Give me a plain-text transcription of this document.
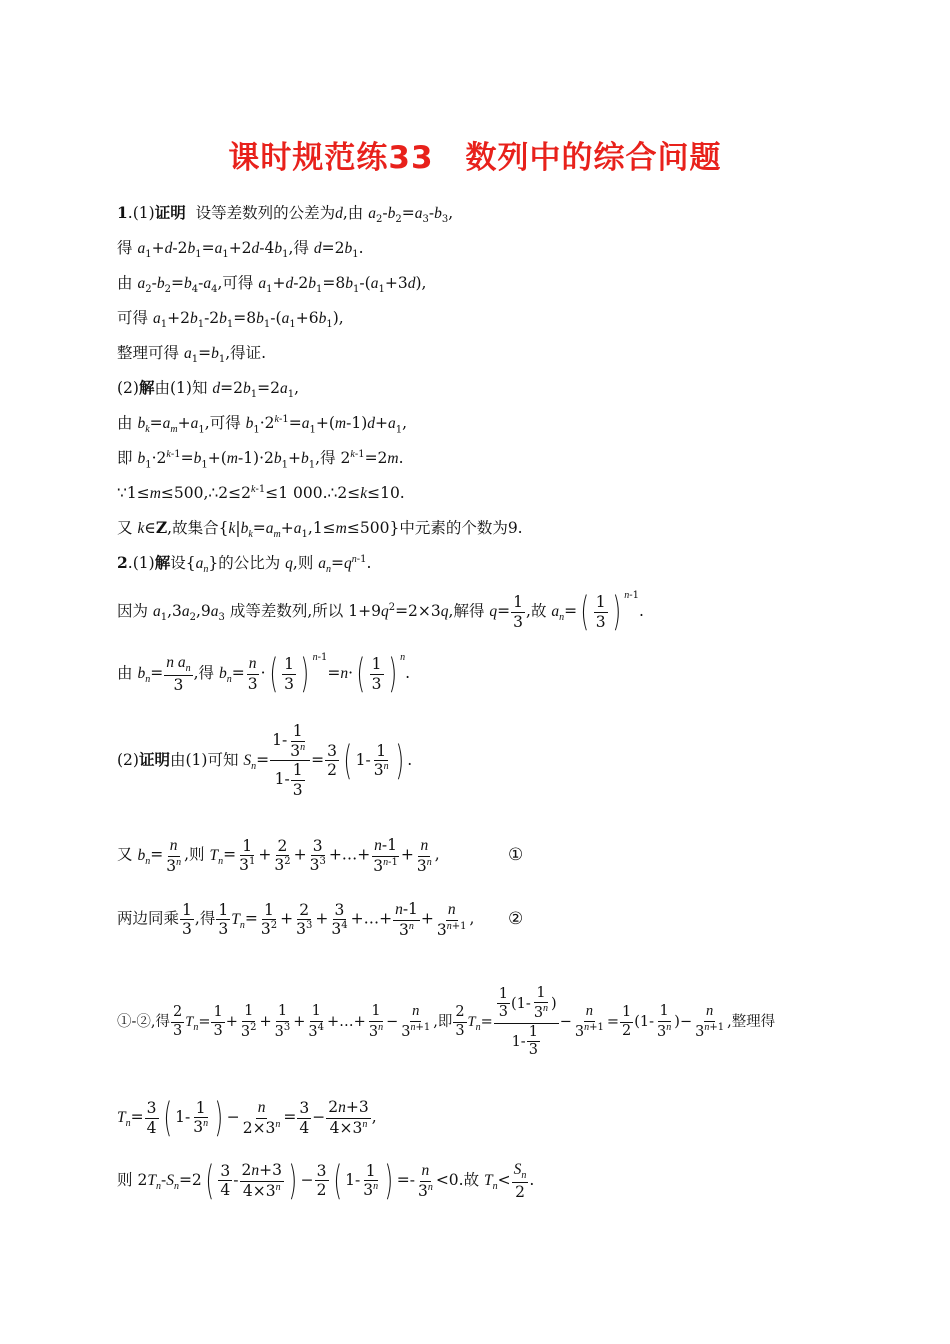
课时规范练33　数列中的综合问题
1.(1)证明 设等差数列的公差为d,由 $a_2-b_2=a_3-b_3$,
得 $a_1+d-2b_1=a_1+2d-4b_1$,得 $d=2b_1$.
由 $a_2-b_2=b_4-a_4$,可得 $a_1+d-2b_1=8b_1-(a_1+3d)$,
可得 $a_1+2b_1-2b_1=8b_1-(a_1+6b_1)$,
整理可得 $a_1=b_1$,得证.
(2)解由(1)知 $d=2b_1=2a_1$,
由 $b_k=a_m+a_1$,可得 $b_1\cdot 2^{k-1}=a_1+(m-1)d+a_1$,
即 $b_1\cdot 2^{k-1}=b_1+(m-1)\cdot 2b_1+b_1$,得 $2^{k-1}=2m$.
$\because 1\le m\le 500,\therefore 2\le 2^{k-1}\le 1$ 000.∴2≤k≤10.
又 k∈Z,故集合$\{k|b_k=a_m+a_1,1\le m\le 500\}$中元素的个数为9.
2.(1)解设$\{a_n\}$的公比为 q,则 $a_n=q^{n-1}$.
因为 $a_1,3a_2,9a_3$ 成等差数列,所以 $1+9q^2=2\times 3q$,解得 $q= \frac{1}{3}$ ,故 $a_n=( \frac{1}{3}$ ) $^{n-1}$.
由 $b_n= \frac{n a_n}{3}$ ,得 $b_n= \frac{n}{3}$ ·( $\frac{1}{3}$ ) $^{n-1}=n\cdot( \frac{1}{3}$ ) $^n$.
(2)证明由(1)可知 $S_n= \frac{1- \frac{1}{3^n}}{1- \frac{1}{3}} = \frac{3}{2}$ ( $1- \frac{1}{3^n}$ ) .
又 $b_n= \frac{n}{3^n}$ ,则 $T_n= \frac{1}{3^1} + \frac{2}{3^2} + \frac{3}{3^3}$ +…+ $\frac{n-1}{3^{n-1}} + \frac{n}{3^n}$ ,	①
两边同乘 $\frac{1}{3}$ ,得 $\frac{1}{3} T_n= \frac{1}{3^2} + \frac{2}{3^3} + \frac{3}{3^4}$ +…+ $\frac{n-1}{3^n} + \frac{n}{3^{n+1}}$ , ②
①-②,得 $\frac{2}{3} T_n= \frac{1}{3} + \frac{1}{3^2} + \frac{1}{3^3} + \frac{1}{3^4}$ +…+ $\frac{1}{3^n} - \frac{n}{3^{n+1}}$ ,即 $\frac{2}{3} T_n= \frac{\frac{1}{3} (1- \frac{1}{3^n} )}{1- \frac{1}{3}} - \frac{n}{3^{n+1}} = \frac{1}{2} (1- \frac{1}{3^n}$ )− $\frac{n}{3^{n+1}}$ ,整理得
$T_n= \frac{3}{4}$ ( $1- \frac{1}{3^n}$ ) − $\frac{n}{2\times 3^n} = \frac{3}{4} - \frac{2n+3}{4\times 3^n}$ ,
则 $2T_n-S_n=2( \frac{3}{4} - \frac{2n+3}{4\times 3^n}$ ) − $\frac{3}{2}$ ( $1- \frac{1}{3^n}$ ) =- $\frac{n}{3^n} <0$.故 $T_n< \frac{S_n}{2}$ .
